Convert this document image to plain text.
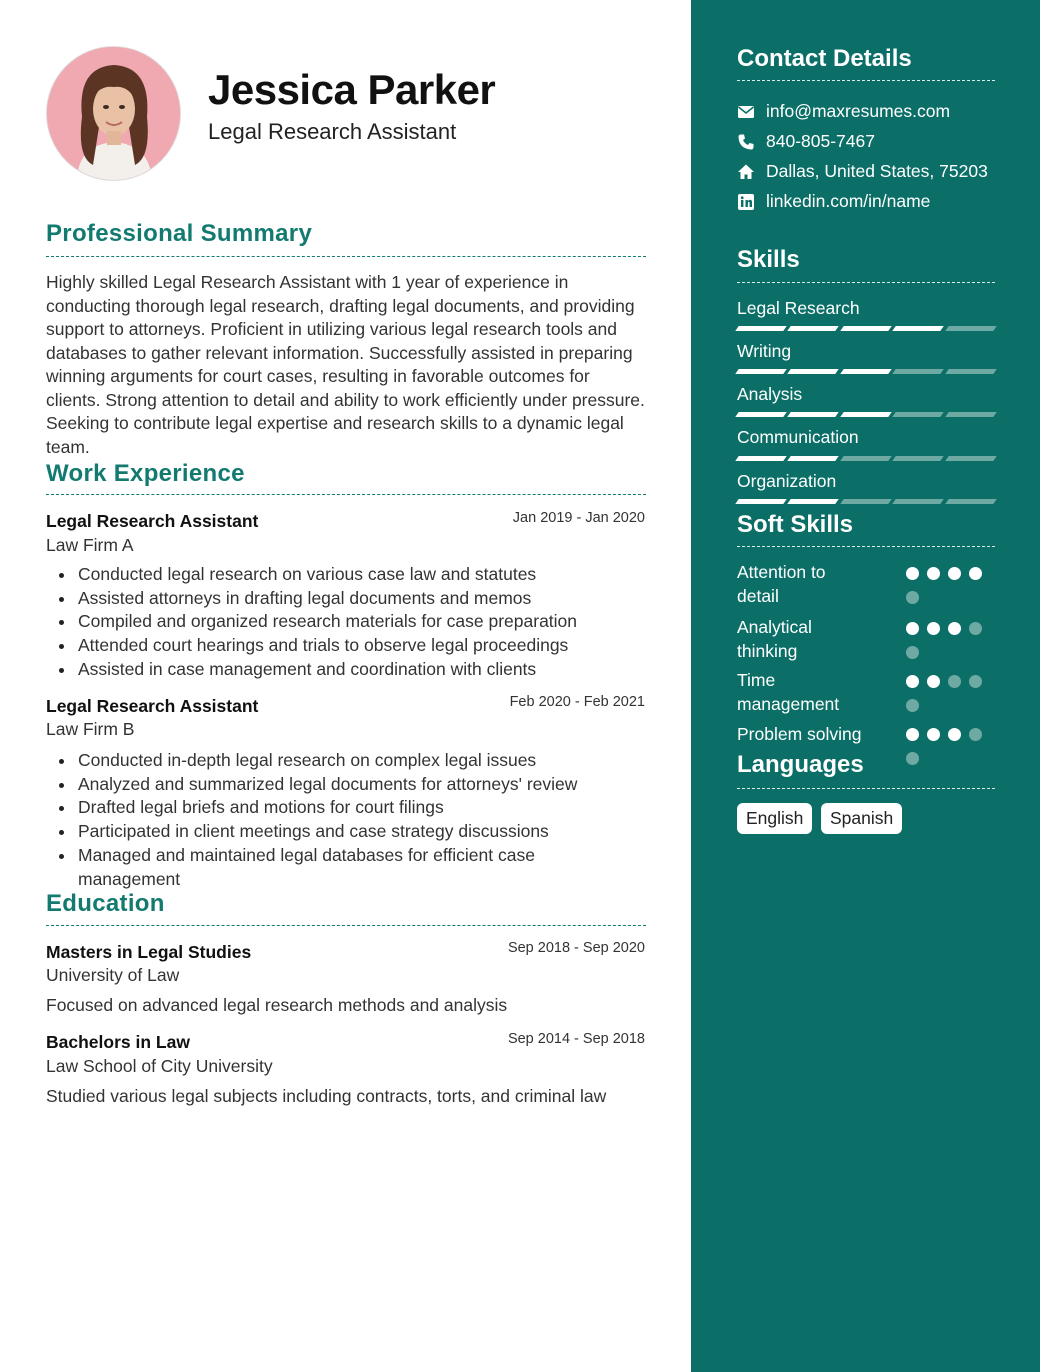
Jessica Parker
Legal Research Assistant
Professional Summary
Highly skilled Legal Research Assistant with 1 year of experience in conducting thorough legal research, drafting legal documents, and providing support to attorneys. Proficient in utilizing various legal research tools and databases to gather relevant information. Successfully assisted in preparing winning arguments for court cases, resulting in favorable outcomes for clients. Strong attention to detail and ability to work efficiently under pressure. Seeking to contribute legal expertise and research skills to a dynamic legal team.
Work Experience
Legal Research Assistant	Jan 2019 - Jan 2020
Law Firm A
Conducted legal research on various case law and statutes
Assisted attorneys in drafting legal documents and memos
Compiled and organized research materials for case preparation
Attended court hearings and trials to observe legal proceedings
Assisted in case management and coordination with clients
Legal Research Assistant	Feb 2020 - Feb 2021
Law Firm B
Conducted in-depth legal research on complex legal issues
Analyzed and summarized legal documents for attorneys' review
Drafted legal briefs and motions for court filings
Participated in client meetings and case strategy discussions
Managed and maintained legal databases for efficient case management
Education
Masters in Legal Studies	Sep 2018 - Sep 2020
University of Law
Focused on advanced legal research methods and analysis
Bachelors in Law	Sep 2014 - Sep 2018
Law School of City University
Studied various legal subjects including contracts, torts, and criminal law
Contact Details
info@maxresumes.com
840-805-7467
Dallas, United States, 75203
linkedin.com/in/name
Skills
Legal Research
Writing
Analysis
Communication
Organization
Soft Skills
Attention to detail
Analytical thinking
Time management
Problem solving
Languages
English	Spanish
